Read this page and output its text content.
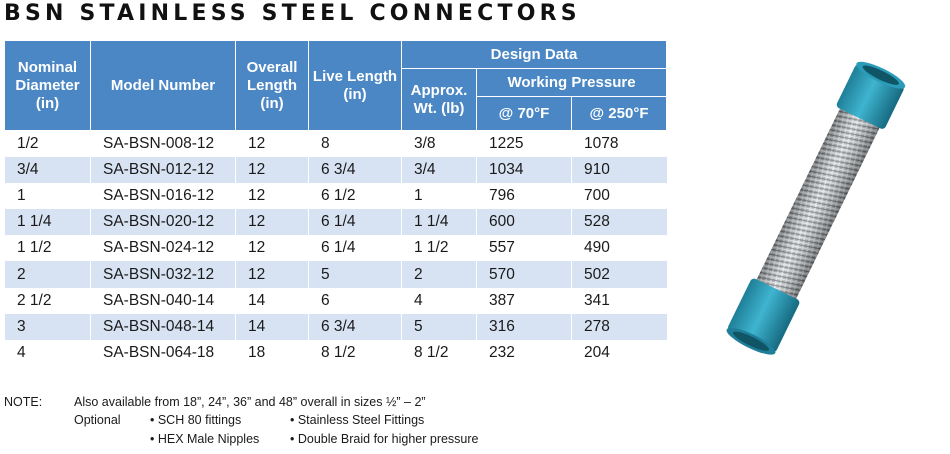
BSN STAINLESS STEEL CONNECTORS
Nominal Diameter (in)	Model Number	Overall Length (in)	Live Length (in)	Design Data		
				Approx. Wt. (lb)	Working Pressure	
					@ 70°F	@ 250°F
1/2	SA-BSN-008-12	12	8	3/8	1225	1078
3/4	SA-BSN-012-12	12	6 3/4	3/4	1034	910
1	SA-BSN-016-12	12	6 1/2	1	796	700
1 1/4	SA-BSN-020-12	12	6 1/4	1 1/4	600	528
1 1/2	SA-BSN-024-12	12	6 1/4	1 1/2	557	490
2	SA-BSN-032-12	12	5	2	570	502
2 1/2	SA-BSN-040-14	14	6	4	387	341
3	SA-BSN-048-14	14	6 3/4	5	316	278
4	SA-BSN-064-18	18	8 1/2	8 1/2	232	204
NOTE:	Also available from 18”, 24”, 36” and 48” overall in sizes ½” – 2”
Optional • SCH 80 fittings	• Stainless Steel Fittings
• HEX Male Nipples • Double Braid for higher pressure
